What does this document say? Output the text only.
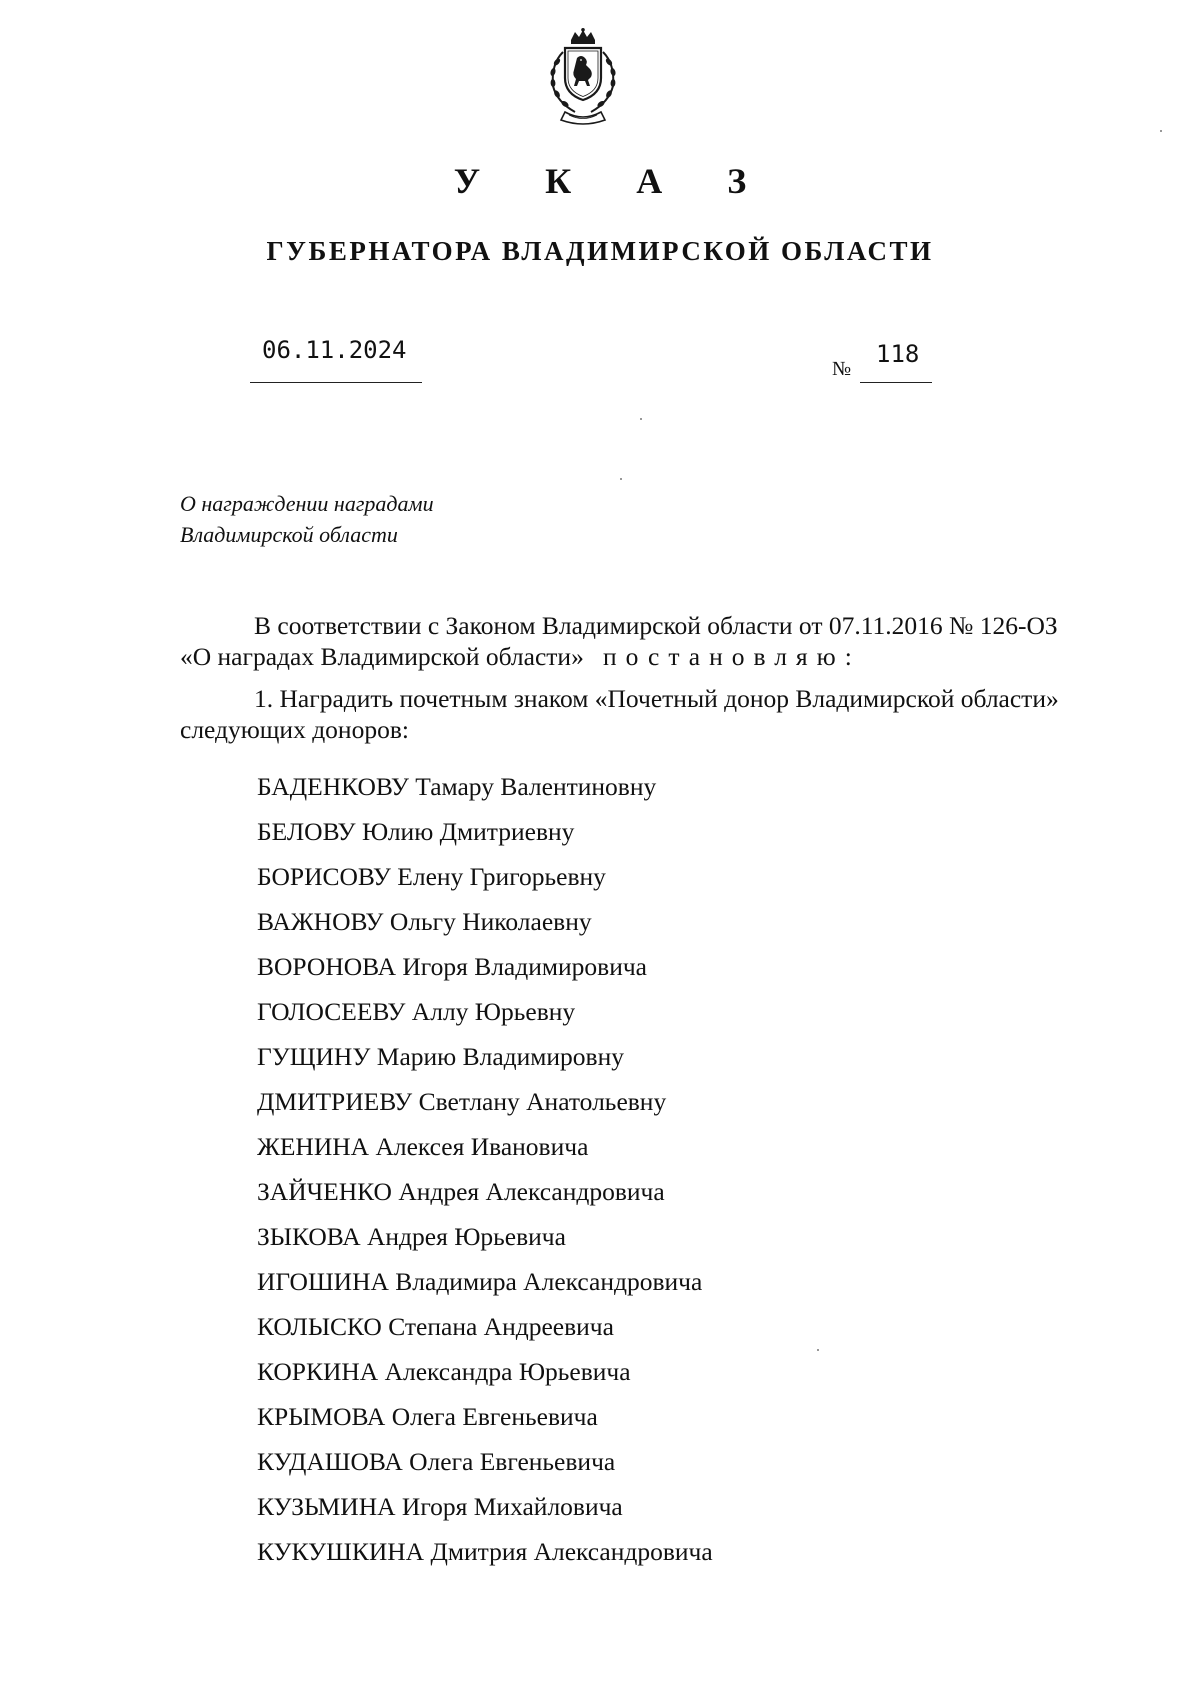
У К А З
ГУБЕРНАТОРА ВЛАДИМИРСКОЙ ОБЛАСТИ
06.11.2024
№
118
О награждении наградами
Владимирской области

В соответствии с Законом Владимирской области от 07.11.2016 № 126-ОЗ
«О наградах Владимирской области» постановляю:

1. Наградить почетным знаком «Почетный донор Владимирской области»
следующих доноров:

БАДЕНКОВУ Тамару Валентиновну
БЕЛОВУ Юлию Дмитриевну
БОРИСОВУ Елену Григорьевну
ВАЖНОВУ Ольгу Николаевну
ВОРОНОВА Игоря Владимировича
ГОЛОСЕЕВУ Аллу Юрьевну
ГУЩИНУ Марию Владимировну
ДМИТРИЕВУ Светлану Анатольевну
ЖЕНИНА Алексея Ивановича
ЗАЙЧЕНКО Андрея Александровича
ЗЫКОВА Андрея Юрьевича
ИГОШИНА Владимира Александровича
КОЛЫСКО Степана Андреевича
КОРКИНА Александра Юрьевича
КРЫМОВА Олега Евгеньевича
КУДАШОВА Олега Евгеньевича
КУЗЬМИНА Игоря Михайловича
КУКУШКИНА Дмитрия Александровича
